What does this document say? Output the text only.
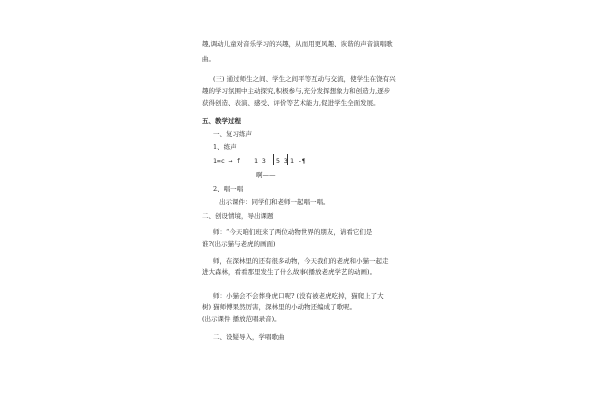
趣,调动儿童对音乐学习的兴趣，从而用更风趣、诙谐的声音演唱歌
曲。
(三) 通过师生之间、学生之间平等互动与交流，使学生在饶有兴
趣的学习氛围中主动探究,积极参与,充分发挥想象力和创造力,逐步
获得创造、表演、感受、评价等艺术能力,促进学生全面发展。
五、教学过程
一、复习练声
1、练声
1=c → f 1 3 5 3 1 -¶
啊——
2、唱一唱
出示课件：同学们和老师一起唱一唱。
二、创设情境，导出课题
师：“今天咱们班来了两位动物世界的朋友，请看它们是
谁?(出示猫与老虎的画面)
师，在深林里的还有很多动物，今天我们的老虎和小猫一起走
进大森林，看看那里发生了什么故事(播放老虎学艺的动画)。
师：小猫会不会葬身虎口呢? (没有被老虎吃掉，猫爬上了大
树) 猫师傅果然厉害，深林里的小动物还编成了歌呢。
(出示课件 播放范唱录音)。
二、设疑导入，学唱歌曲
